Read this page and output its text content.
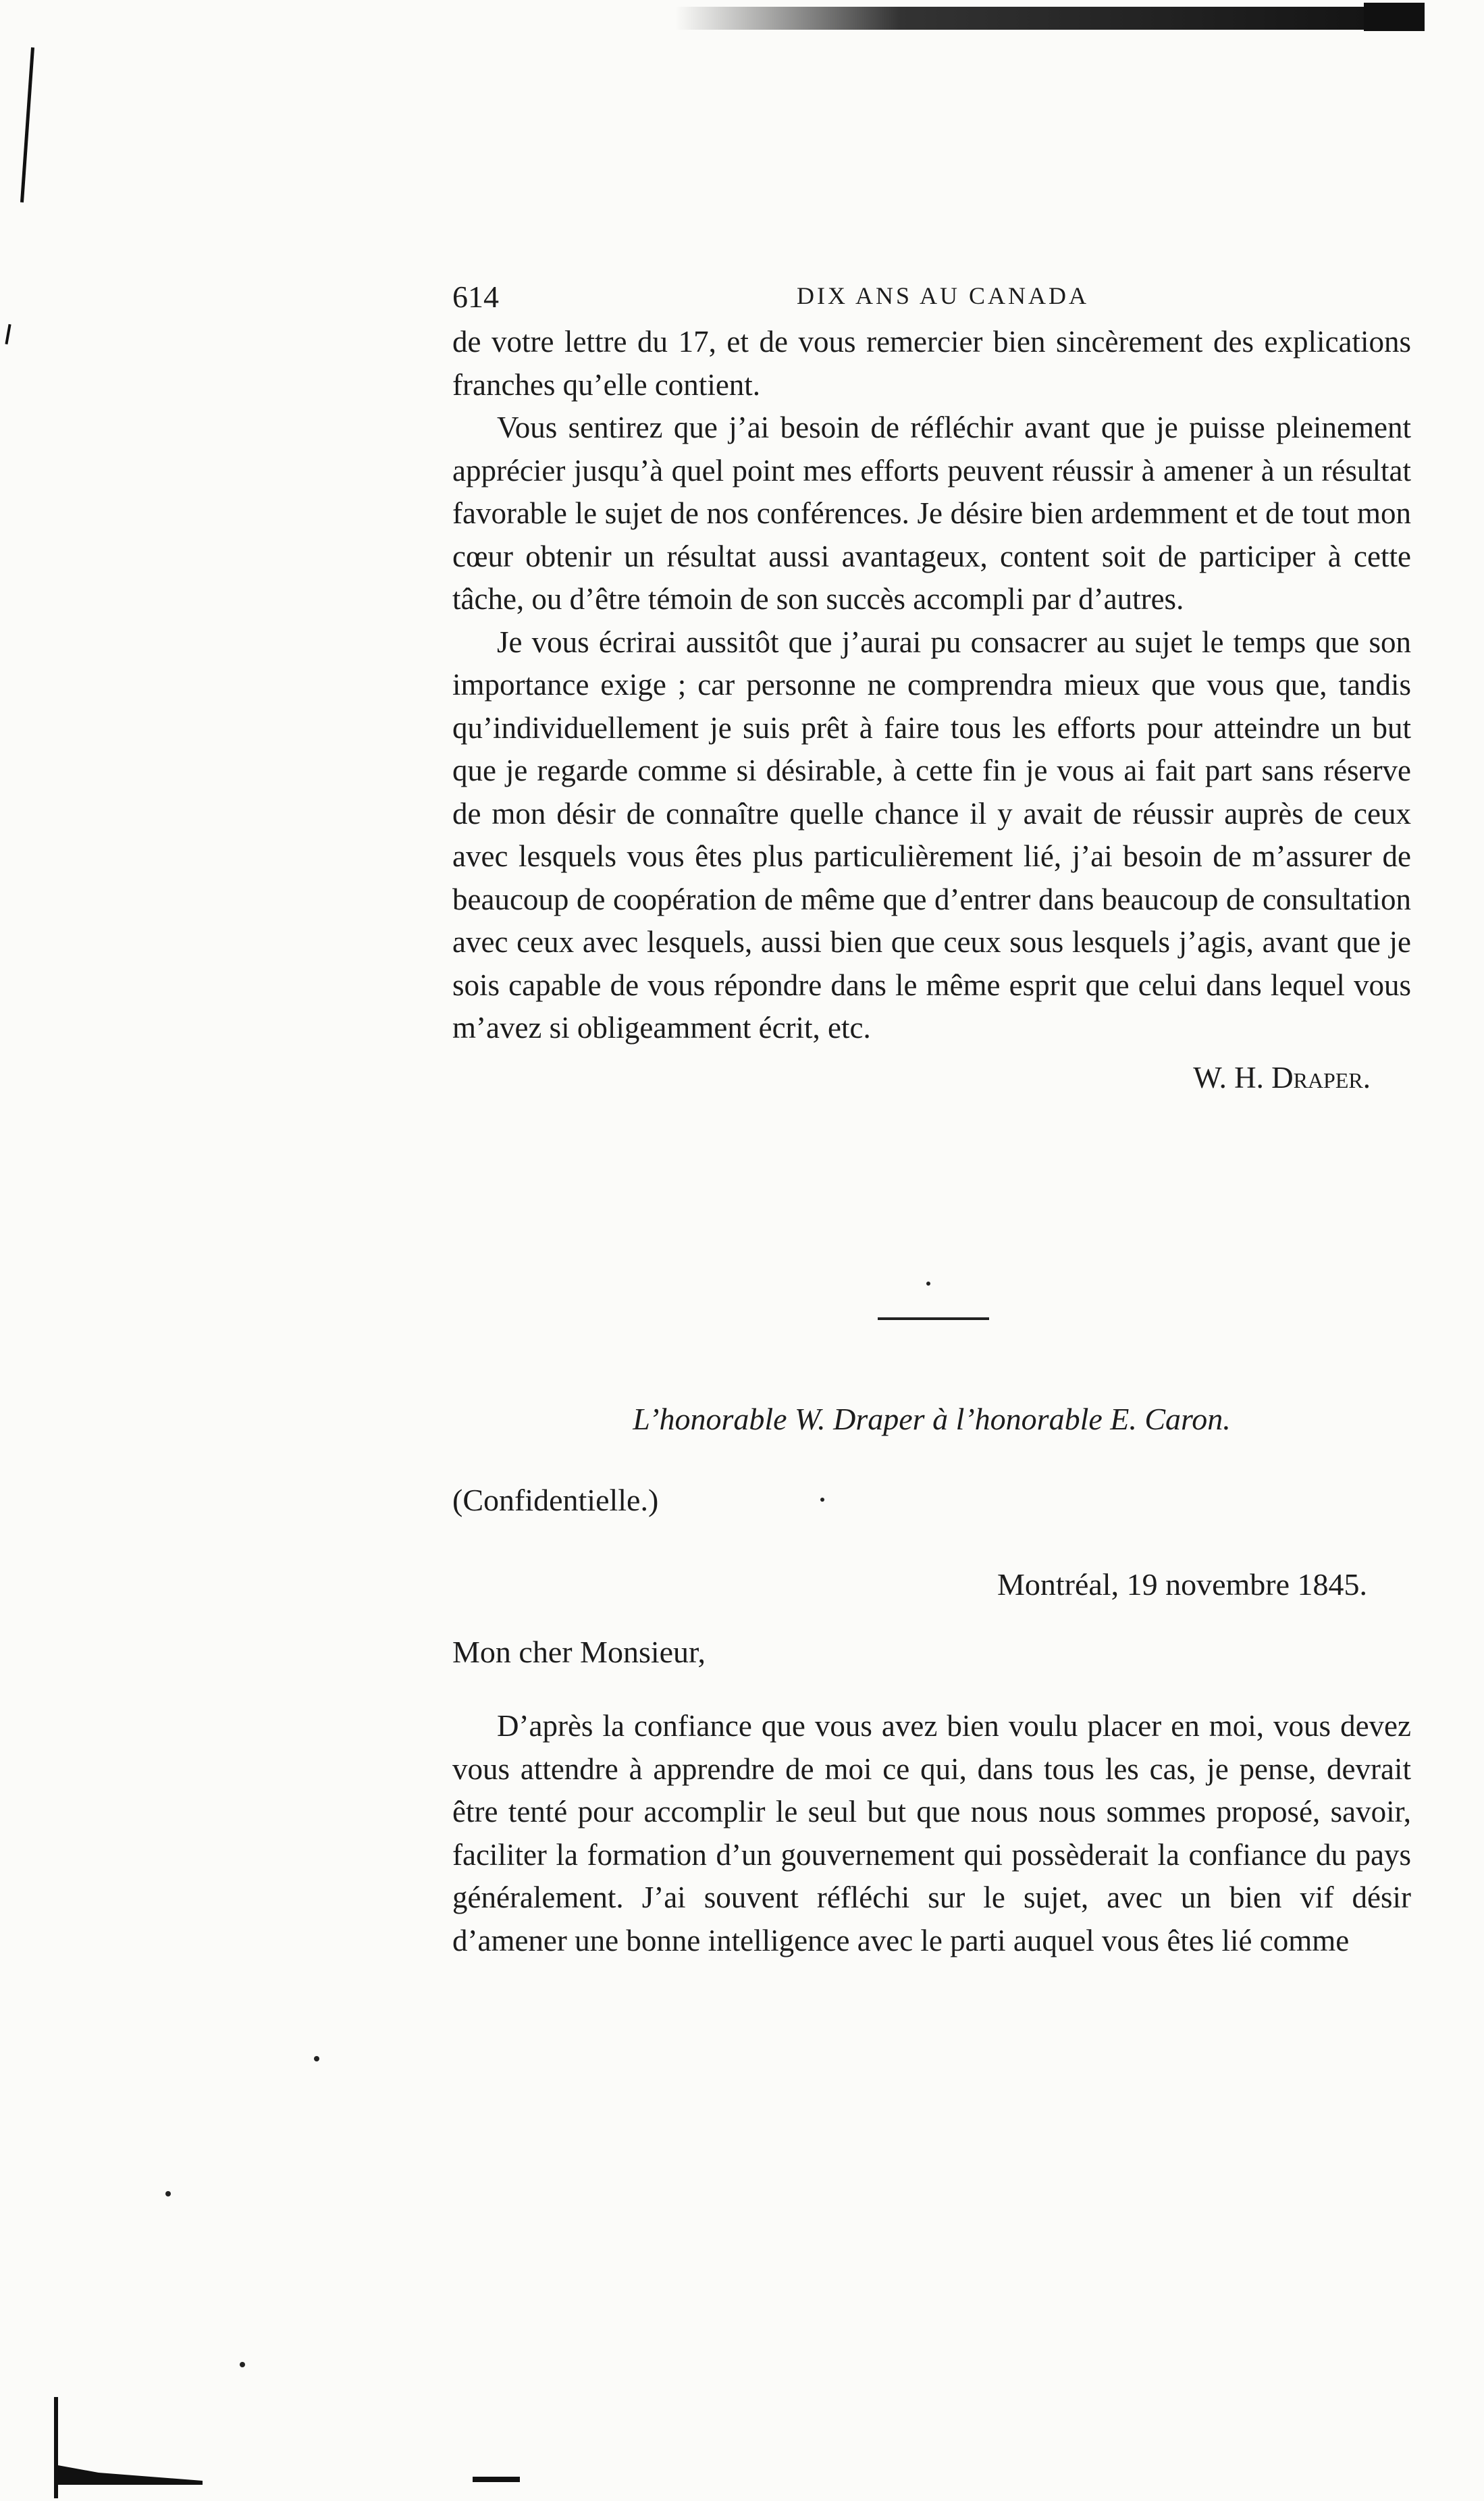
614	DIX ANS AU CANADA

de votre lettre du 17, et de vous remercier bien sincèrement des explications franches qu’elle contient.

Vous sentirez que j’ai besoin de réfléchir avant que je puisse pleinement apprécier jusqu’à quel point mes efforts peuvent réussir à amener à un résultat favorable le sujet de nos conférences. Je désire bien ardemment et de tout mon cœur obtenir un résultat aussi avantageux, content soit de participer à cette tâche, ou d’être témoin de son succès accompli par d’autres.

Je vous écrirai aussitôt que j’aurai pu consacrer au sujet le temps que son importance exige ; car personne ne comprendra mieux que vous que, tandis qu’individuellement je suis prêt à faire tous les efforts pour atteindre un but que je regarde comme si désirable, à cette fin je vous ai fait part sans réserve de mon désir de connaître quelle chance il y avait de réussir auprès de ceux avec lesquels vous êtes plus particulièrement lié, j’ai besoin de m’assurer de beaucoup de coopération de même que d’entrer dans beaucoup de consultation avec ceux avec lesquels, aussi bien que ceux sous lesquels j’agis, avant que je sois capable de vous répondre dans le même esprit que celui dans lequel vous m’avez si obligeamment écrit, etc.

W. H. Draper.

L’honorable W. Draper à l’honorable E. Caron.
(Confidentielle.)
Montréal, 19 novembre 1845.
Mon cher Monsieur,

D’après la confiance que vous avez bien voulu placer en moi, vous devez vous attendre à apprendre de moi ce qui, dans tous les cas, je pense, devrait être tenté pour accomplir le seul but que nous nous sommes proposé, savoir, faciliter la formation d’un gouvernement qui possèderait la confiance du pays généralement. J’ai souvent réfléchi sur le sujet, avec un bien vif désir d’amener une bonne intelligence avec le parti auquel vous êtes lié comme
